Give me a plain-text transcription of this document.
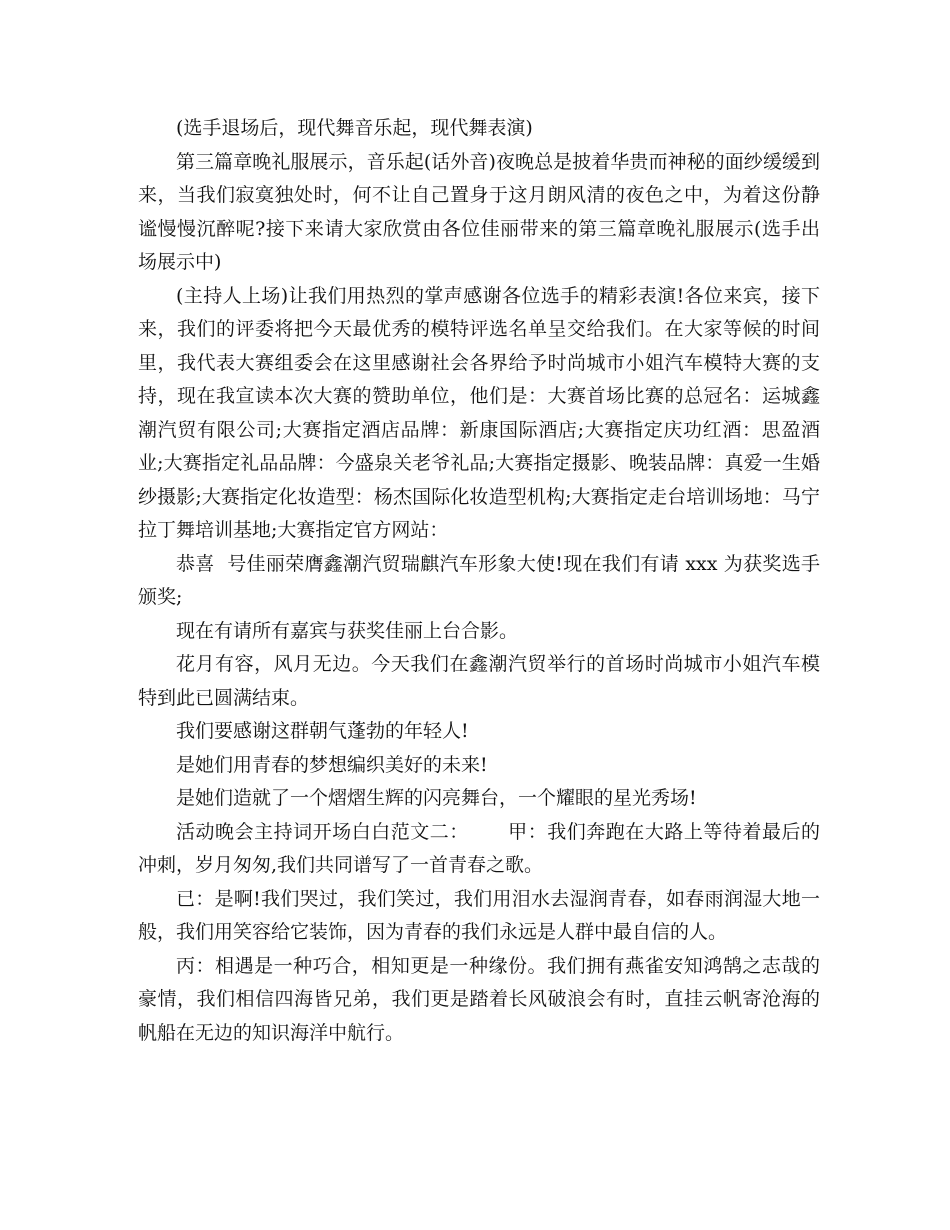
(选手退场后，现代舞音乐起，现代舞表演)

第三篇章晚礼服展示，音乐起(话外音)夜晚总是披着华贵而神秘的面纱缓缓到来，当我们寂寞独处时，何不让自己置身于这月朗风清的夜色之中，为着这份静谧慢慢沉醉呢?接下来请大家欣赏由各位佳丽带来的第三篇章晚礼服展示(选手出场展示中)

(主持人上场)让我们用热烈的掌声感谢各位选手的精彩表演!各位来宾，接下来，我们的评委将把今天最优秀的模特评选名单呈交给我们。在大家等候的时间里，我代表大赛组委会在这里感谢社会各界给予时尚城市小姐汽车模特大赛的支持，现在我宣读本次大赛的赞助单位，他们是：大赛首场比赛的总冠名：运城鑫潮汽贸有限公司;大赛指定酒店品牌：新康国际酒店;大赛指定庆功红酒：思盈酒业;大赛指定礼品品牌：今盛泉关老爷礼品;大赛指定摄影、晚装品牌：真爱一生婚纱摄影;大赛指定化妆造型：杨杰国际化妆造型机构;大赛指定走台培训场地：马宁拉丁舞培训基地;大赛指定官方网站：

恭喜  号佳丽荣膺鑫潮汽贸瑞麒汽车形象大使!现在我们有请 xxx 为获奖选手颁奖;

现在有请所有嘉宾与获奖佳丽上台合影。

花月有容，风月无边。今天我们在鑫潮汽贸举行的首场时尚城市小姐汽车模特到此已圆满结束。

我们要感谢这群朝气蓬勃的年轻人!

是她们用青春的梦想编织美好的未来!

是她们造就了一个熠熠生辉的闪亮舞台，一个耀眼的星光秀场!

活动晚会主持词开场白白范文二：      甲：我们奔跑在大路上等待着最后的冲刺，岁月匆匆,我们共同谱写了一首青春之歌。

已：是啊!我们哭过，我们笑过，我们用泪水去湿润青春，如春雨润湿大地一般，我们用笑容给它装饰，因为青春的我们永远是人群中最自信的人。

丙：相遇是一种巧合，相知更是一种缘份。我们拥有燕雀安知鸿鹄之志哉的豪情，我们相信四海皆兄弟，我们更是踏着长风破浪会有时，直挂云帆寄沧海的帆船在无边的知识海洋中航行。
